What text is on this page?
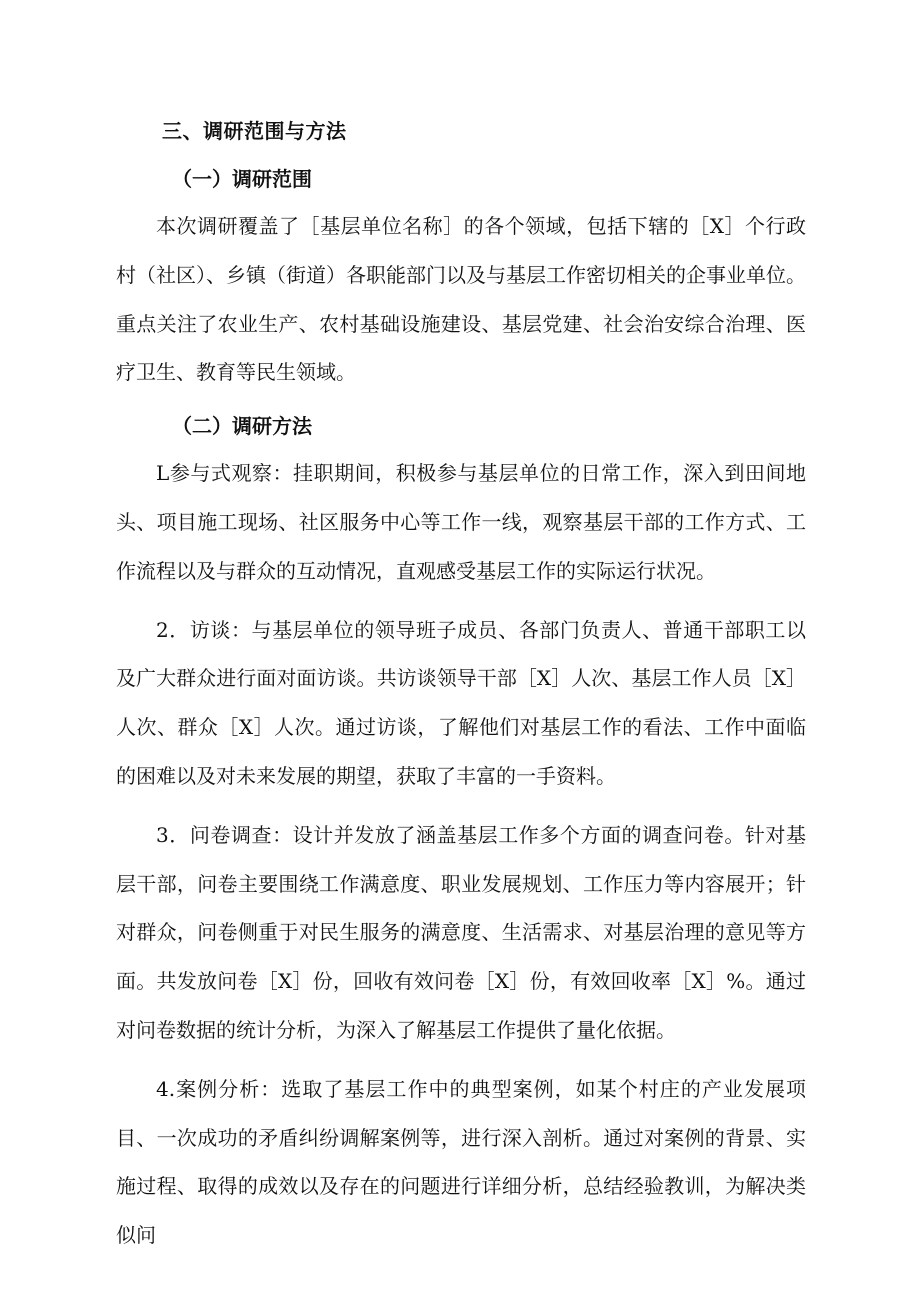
三、调研范围与方法
（一）调研范围

本次调研覆盖了［基层单位名称］的各个领域，包括下辖的［X］个行政村（社区）、乡镇（街道）各职能部门以及与基层工作密切相关的企事业单位。重点关注了农业生产、农村基础设施建设、基层党建、社会治安综合治理、医疗卫生、教育等民生领域。

（二）调研方法

L参与式观察：挂职期间，积极参与基层单位的日常工作，深入到田间地头、项目施工现场、社区服务中心等工作一线，观察基层干部的工作方式、工作流程以及与群众的互动情况，直观感受基层工作的实际运行状况。

2．访谈：与基层单位的领导班子成员、各部门负责人、普通干部职工以及广大群众进行面对面访谈。共访谈领导干部［X］人次、基层工作人员［X］人次、群众［X］人次。通过访谈，了解他们对基层工作的看法、工作中面临的困难以及对未来发展的期望，获取了丰富的一手资料。

3．问卷调查：设计并发放了涵盖基层工作多个方面的调查问卷。针对基层干部，问卷主要围绕工作满意度、职业发展规划、工作压力等内容展开；针对群众，问卷侧重于对民生服务的满意度、生活需求、对基层治理的意见等方面。共发放问卷［X］份，回收有效问卷［X］份，有效回收率［X］%。通过对问卷数据的统计分析，为深入了解基层工作提供了量化依据。

4.案例分析：选取了基层工作中的典型案例，如某个村庄的产业发展项目、一次成功的矛盾纠纷调解案例等，进行深入剖析。通过对案例的背景、实施过程、取得的成效以及存在的问题进行详细分析，总结经验教训，为解决类似问
